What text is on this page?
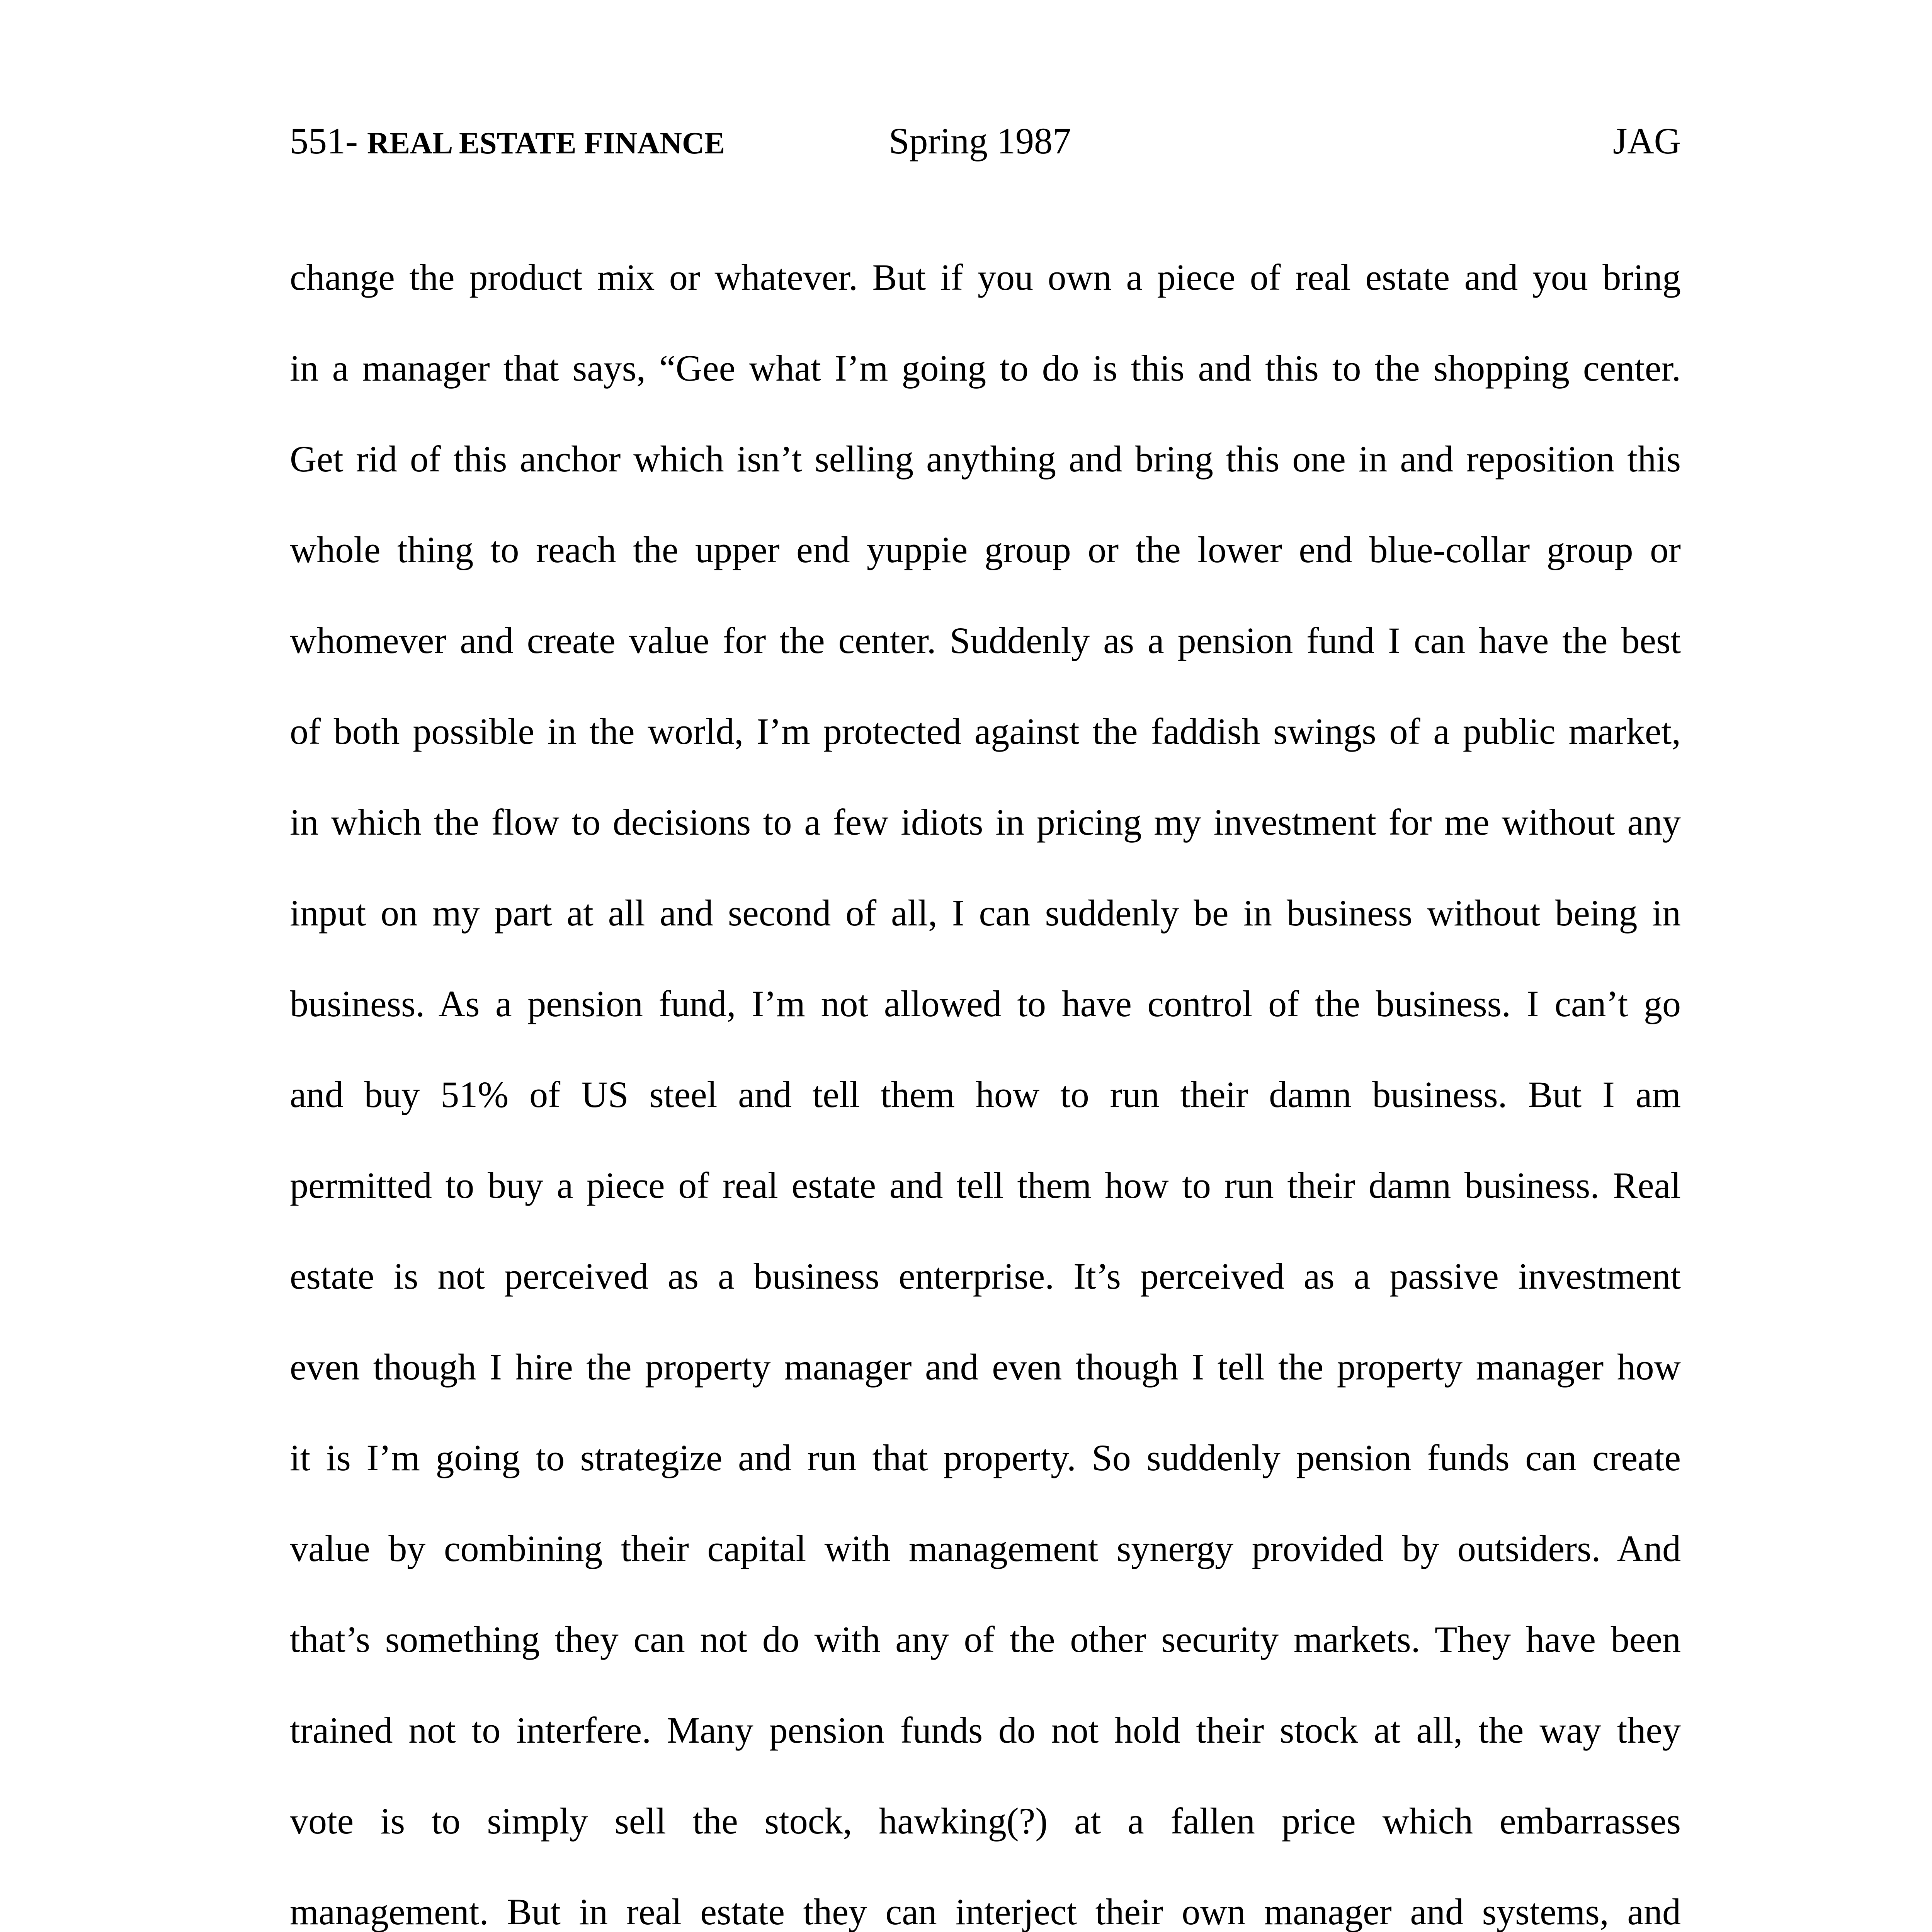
551- REAL ESTATE FINANCE	Spring 1987	JAG
change the product mix or whatever. But if you own a piece of real estate and you bring
in a manager that says, “Gee what I’m going to do is this and this to the shopping center.
Get rid of this anchor which isn’t selling anything and bring this one in and reposition this
whole thing to reach the upper end yuppie group or the lower end blue-collar group or
whomever and create value for the center. Suddenly as a pension fund I can have the best
of both possible in the world, I’m protected against the faddish swings of a public market,
in which the flow to decisions to a few idiots in pricing my investment for me without any
input on my part at all and second of all, I can suddenly be in business without being in
business. As a pension fund, I’m not allowed to have control of the business. I can’t go
and buy 51% of US steel and tell them how to run their damn business. But I am
permitted to buy a piece of real estate and tell them how to run their damn business. Real
estate is not perceived as a business enterprise. It’s perceived as a passive investment
even though I hire the property manager and even though I tell the property manager how
it is I’m going to strategize and run that property. So suddenly pension funds can create
value by combining their capital with management synergy provided by outsiders. And
that’s something they can not do with any of the other security markets. They have been
trained not to interfere. Many pension funds do not hold their stock at all, the way they
vote is to simply sell the stock, hawking(?) at a fallen price which embarrasses
management. But in real estate they can interject their own manager and systems, and
